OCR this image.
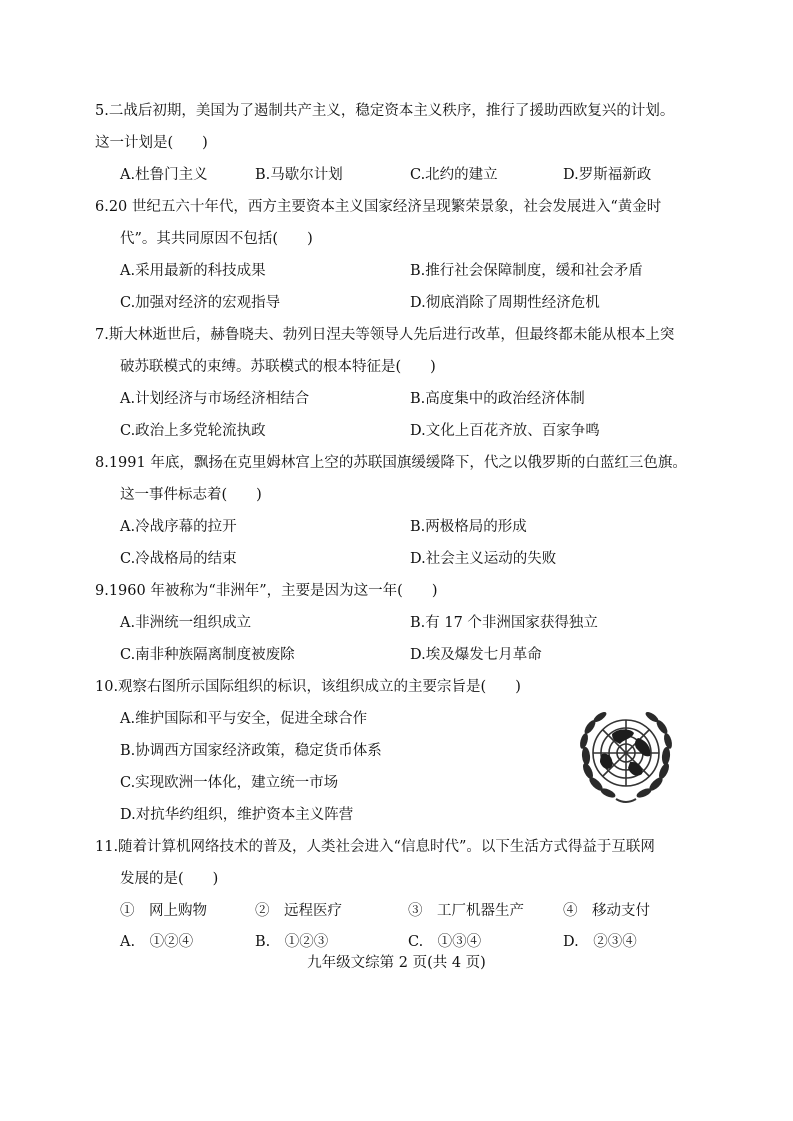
5.二战后初期，美国为了遏制共产主义，稳定资本主义秩序，推行了援助西欧复兴的计划。
这一计划是(　　)
A.杜鲁门主义	B.马歇尔计划	C.北约的建立	D.罗斯福新政
6.20 世纪五六十年代，西方主要资本主义国家经济呈现繁荣景象，社会发展进入“黄金时
代”。其共同原因不包括(　　)
A.采用最新的科技成果	B.推行社会保障制度，缓和社会矛盾
C.加强对经济的宏观指导	D.彻底消除了周期性经济危机
7.斯大林逝世后，赫鲁晓夫、勃列日涅夫等领导人先后进行改革，但最终都未能从根本上突
破苏联模式的束缚。苏联模式的根本特征是(　　)
A.计划经济与市场经济相结合	B.高度集中的政治经济体制
C.政治上多党轮流执政	D.文化上百花齐放、百家争鸣
8.1991 年底，飘扬在克里姆林宫上空的苏联国旗缓缓降下，代之以俄罗斯的白蓝红三色旗。
这一事件标志着(　　)
A.冷战序幕的拉开	B.两极格局的形成
C.冷战格局的结束	D.社会主义运动的失败
9.1960 年被称为“非洲年”，主要是因为这一年(　　)
A.非洲统一组织成立	B.有 17 个非洲国家获得独立
C.南非种族隔离制度被废除	D.埃及爆发七月革命
10.观察右图所示国际组织的标识，该组织成立的主要宗旨是(　　)
A.维护国际和平与安全，促进全球合作
B.协调西方国家经济政策，稳定货币体系
C.实现欧洲一体化，建立统一市场
D.对抗华约组织，维护资本主义阵营
11.随着计算机网络技术的普及，人类社会进入“信息时代”。以下生活方式得益于互联网
发展的是(　　)
①　网上购物	②　远程医疗	③　工厂机器生产	④　移动支付
A.　①②④	B.　①②③	C.　①③④	D.　②③④
九年级文综第 2 页(共 4 页)
